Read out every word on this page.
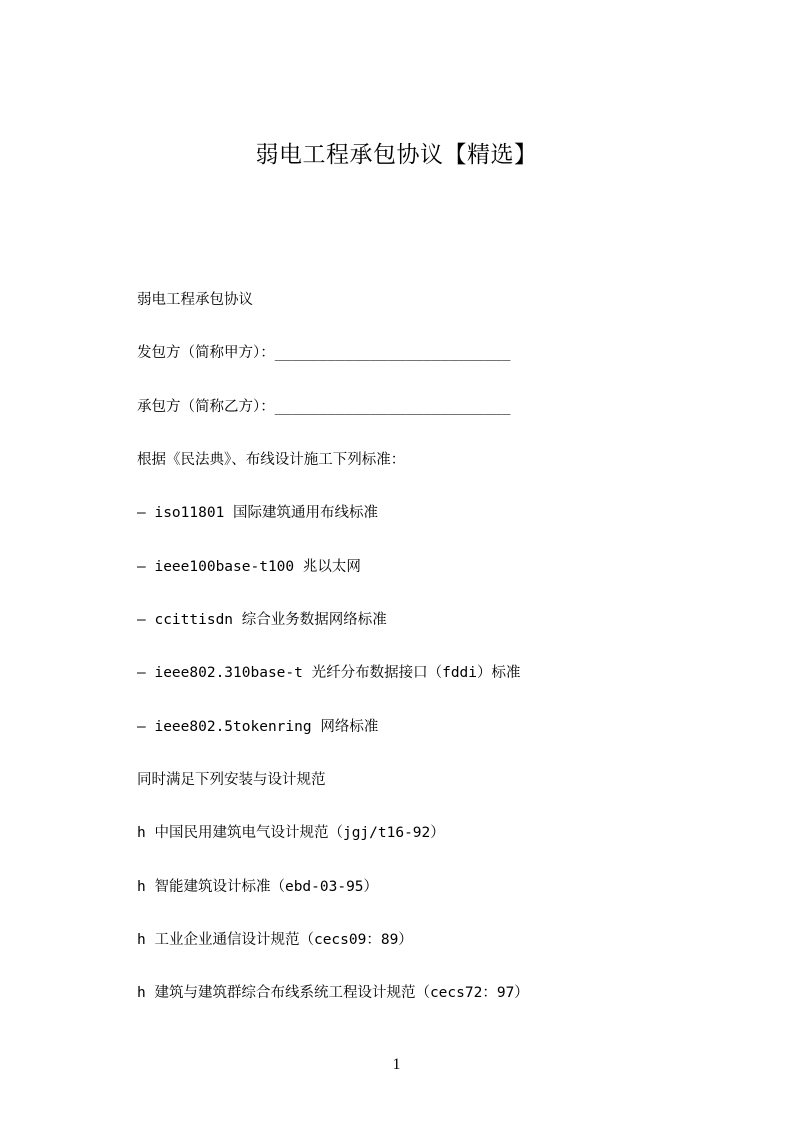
弱电工程承包协议【精选】
弱电工程承包协议
发包方（简称甲方）：___________________________
承包方（简称乙方）：___________________________
根据《民法典》、布线设计施工下列标准：
— iso11801 国际建筑通用布线标准
— ieee100base-t100 兆以太网
— ccittisdn 综合业务数据网络标准
— ieee802.310base-t 光纤分布数据接口（fddi）标准
— ieee802.5tokenring 网络标准
同时满足下列安装与设计规范
h 中国民用建筑电气设计规范（jgj/t16-92）
h 智能建筑设计标准（ebd-03-95）
h 工业企业通信设计规范（cecs09：89）
h 建筑与建筑群综合布线系统工程设计规范（cecs72：97）
1
